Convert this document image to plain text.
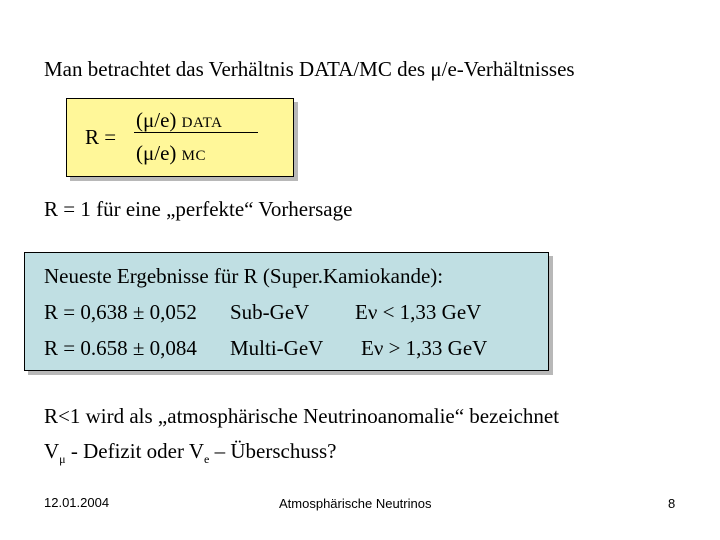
Man betrachtet das Verhältnis DATA/MC des μ/e-Verhältnisses
R =
(μ/e) DATA
(μ/e) MC
R = 1 für eine „perfekte“ Vorhersage
Neueste Ergebnisse für R (Super.Kamiokande):
R = 0,638 ± 0,052 Sub-GeV Eν < 1,33 GeV
R = 0.658 ± 0,084 Multi-GeV Eν > 1,33 GeV
R<1 wird als „atmosphärische Neutrinoanomalie“ bezeichnet
$V_\mu$ - Defizit oder $V_e$ – Überschuss?
12.01.2004	Atmosphärische Neutrinos	8
